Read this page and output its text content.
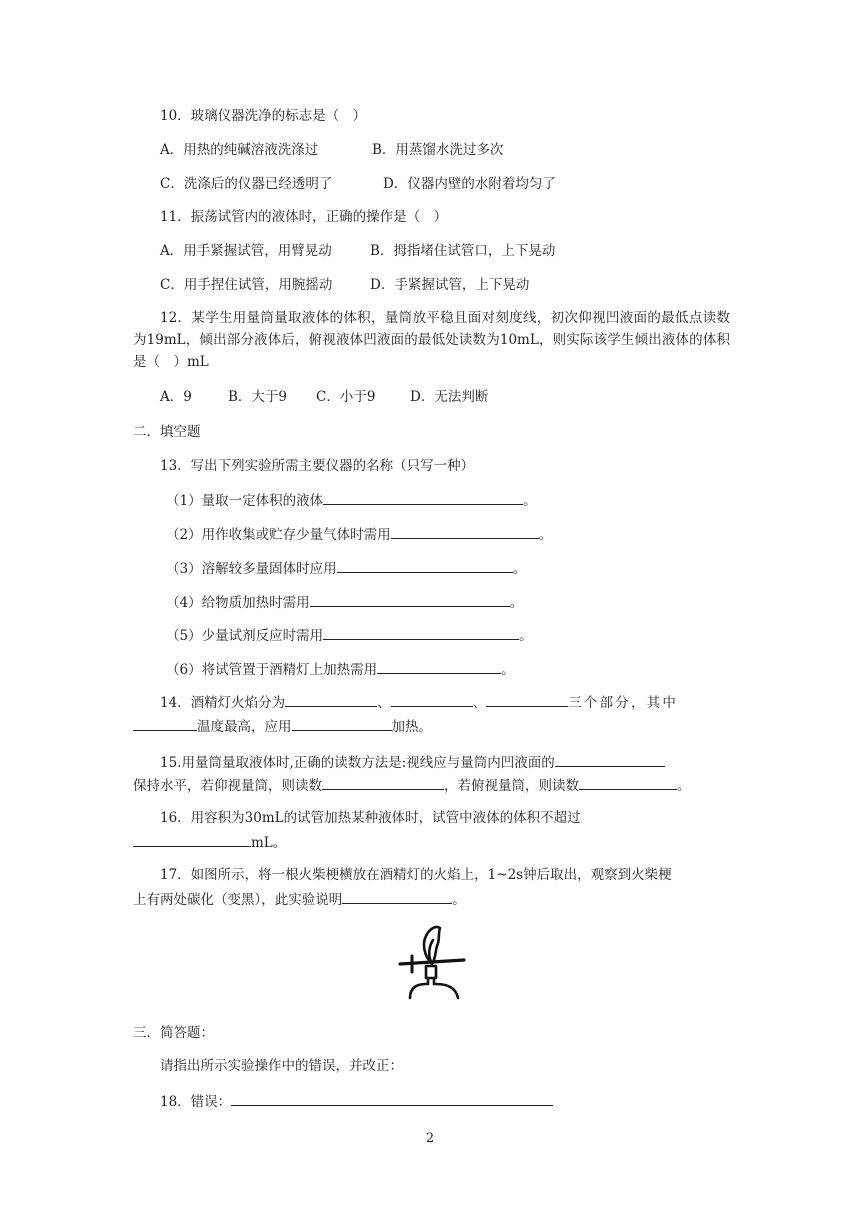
10．玻璃仪器洗净的标志是（　）
A．用热的纯碱溶液洗涤过	B．用蒸馏水洗过多次
C．洗涤后的仪器已经透明了	D．仪器内壁的水附着均匀了
11．振荡试管内的液体时，正确的操作是（　）
A．用手紧握试管，用臂晃动	B．拇指堵住试管口，上下晃动
C．用手捏住试管，用腕摇动	D．手紧握试管，上下晃动
12．某学生用量筒量取液体的体积，量筒放平稳且面对刻度线，初次仰视凹液面的最低点读数为19mL，倾出部分液体后，俯视液体凹液面的最低处读数为10mL，则实际该学生倾出液体的体积是（　）mL
A．9	B．大于9 C．小于9	D．无法判断
二．填空题
13．写出下列实验所需主要仪器的名称（只写一种）
（1）量取一定体积的液体	。
（2）用作收集或贮存少量气体时需用	。
（3）溶解较多量固体时应用	。
（4）给物质加热时需用	。
（5）少量试剂反应时需用	。
（6）将试管置于酒精灯上加热需用	。
14．酒精灯火焰分为	、	、	三个部分，其中
温度最高，应用	加热。
15.用量筒量取液体时,正确的读数方法是:视线应与量筒内凹液面的
保持水平，若仰视量筒，则读数	，若俯视量筒，则读数	。
16．用容积为30mL的试管加热某种液体时，试管中液体的体积不超过
mL。
17．如图所示，将一根火柴梗横放在酒精灯的火焰上，1~2s钟后取出，观察到火柴梗
上有两处碳化（变黑），此实验说明	。
三．简答题：
请指出所示实验操作中的错误，并改正：
18．错误：
2
